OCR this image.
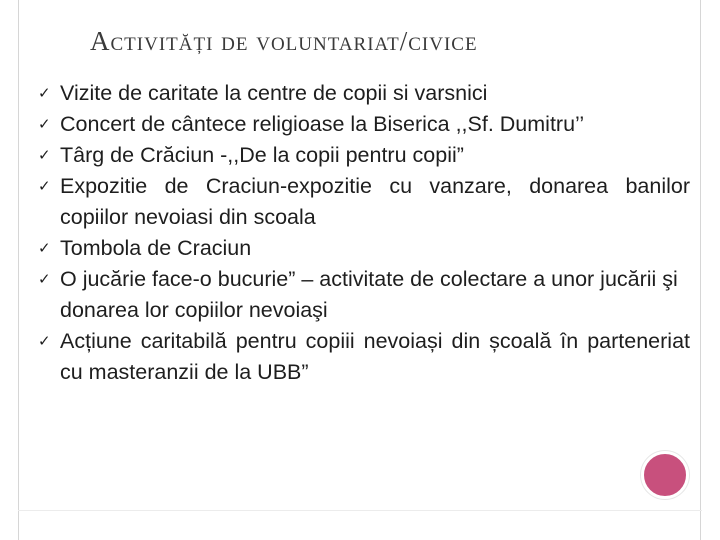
Activități de voluntariat/civice
✓ Vizite de caritate la centre de copii si varsnici
✓ Concert de cântece religioase la Biserica ,,Sf. Dumitru’’
✓ Târg de Crăciun -,,De la copii pentru copii”
✓ Expozitie de Craciun-expozitie cu vanzare, donarea banilor copiilor nevoiasi din scoala
✓ Tombola de Craciun
✓ O jucărie face-o bucurie” – activitate de colectare a unor jucării şi donarea lor copiilor nevoiaşi
✓ Acțiune caritabilă pentru copiii nevoiași din școală în parteneriat cu masteranzii de la UBB”
